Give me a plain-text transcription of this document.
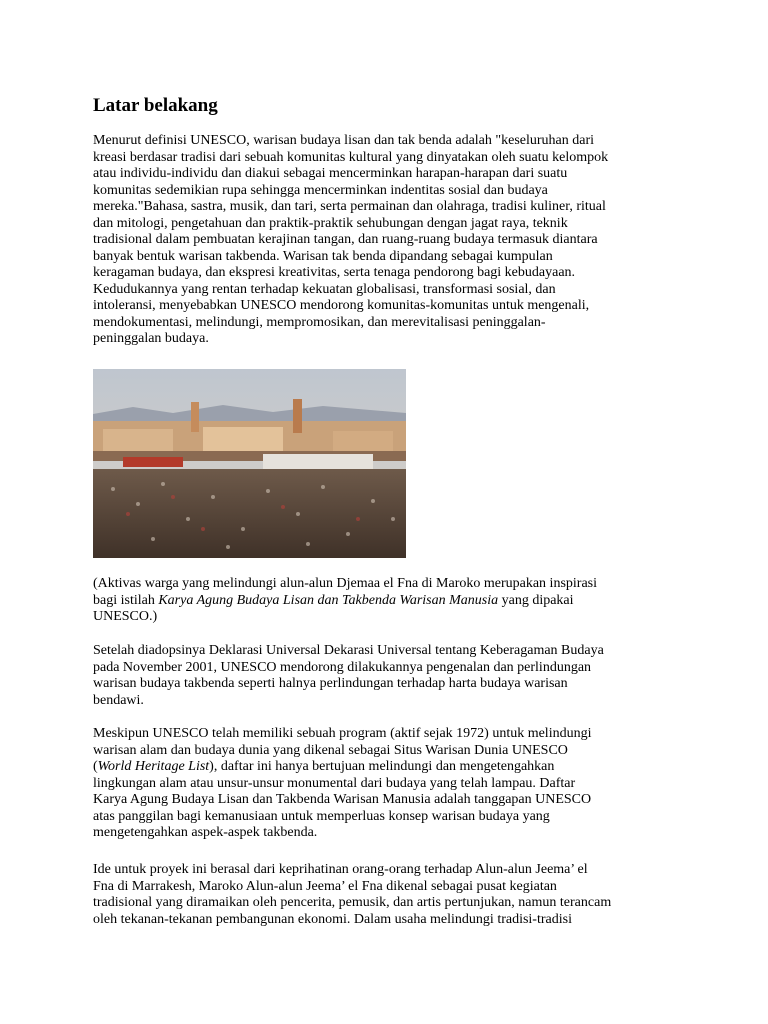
Latar belakang

Menurut definisi UNESCO, warisan budaya lisan dan tak benda adalah "keseluruhan dari
kreasi berdasar tradisi dari sebuah komunitas kultural yang dinyatakan oleh suatu kelompok
atau individu-individu dan diakui sebagai mencerminkan harapan-harapan dari suatu
komunitas sedemikian rupa sehingga mencerminkan indentitas sosial dan budaya
mereka."Bahasa, sastra, musik, dan tari, serta permainan dan olahraga, tradisi kuliner, ritual
dan mitologi, pengetahuan dan praktik-praktik sehubungan dengan jagat raya, teknik
tradisional dalam pembuatan kerajinan tangan, dan ruang-ruang budaya termasuk diantara
banyak bentuk warisan takbenda. Warisan tak benda dipandang sebagai kumpulan
keragaman budaya, dan ekspresi kreativitas, serta tenaga pendorong bagi kebudayaan.
Kedudukannya yang rentan terhadap kekuatan globalisasi, transformasi sosial, dan
intoleransi, menyebabkan UNESCO mendorong komunitas-komunitas untuk mengenali,
mendokumentasi, melindungi, mempromosikan, dan merevitalisasi peninggalan-
peninggalan budaya.

(Aktivas warga yang melindungi alun-alun Djemaa el Fna di Maroko merupakan inspirasi
bagi istilah Karya Agung Budaya Lisan dan Takbenda Warisan Manusia yang dipakai
UNESCO.)

Setelah diadopsinya Deklarasi Universal Dekarasi Universal tentang Keberagaman Budaya
pada November 2001, UNESCO mendorong dilakukannya pengenalan dan perlindungan
warisan budaya takbenda seperti halnya perlindungan terhadap harta budaya warisan
bendawi.

Meskipun UNESCO telah memiliki sebuah program (aktif sejak 1972) untuk melindungi
warisan alam dan budaya dunia yang dikenal sebagai Situs Warisan Dunia UNESCO
(World Heritage List), daftar ini hanya bertujuan melindungi dan mengetengahkan
lingkungan alam atau unsur-unsur monumental dari budaya yang telah lampau. Daftar
Karya Agung Budaya Lisan dan Takbenda Warisan Manusia adalah tanggapan UNESCO
atas panggilan bagi kemanusiaan untuk memperluas konsep warisan budaya yang
mengetengahkan aspek-aspek takbenda.

Ide untuk proyek ini berasal dari keprihatinan orang-orang terhadap Alun-alun Jeema’ el
Fna di Marrakesh, Maroko Alun-alun Jeema’ el Fna dikenal sebagai pusat kegiatan
tradisional yang diramaikan oleh pencerita, pemusik, dan artis pertunjukan, namun terancam
oleh tekanan-tekanan pembangunan ekonomi. Dalam usaha melindungi tradisi-tradisi
